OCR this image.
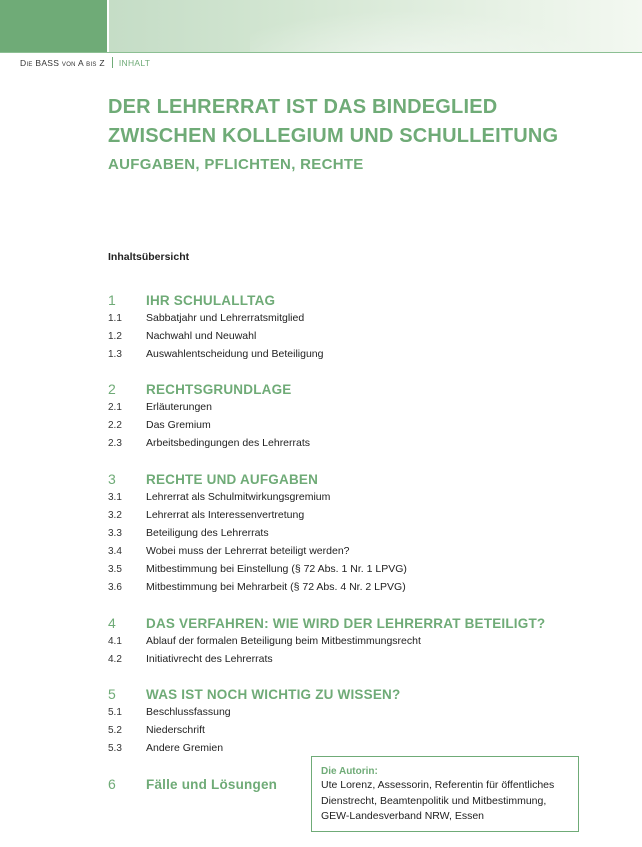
Die BASS von A bis Z INHALT
DER LEHRERRAT IST DAS BINDEGLIED
ZWISCHEN KOLLEGIUM UND SCHULLEITUNG
AUFGABEN, PFLICHTEN, RECHTE
Inhaltsübersicht
1	IHR SCHULALLTAG
1.1	Sabbatjahr und Lehrerratsmitglied
1.2	Nachwahl und Neuwahl
1.3	Auswahlentscheidung und Beteiligung
2	RECHTSGRUNDLAGE
2.1	Erläuterungen
2.2	Das Gremium
2.3	Arbeitsbedingungen des Lehrerrats
3	RECHTE UND AUFGABEN
3.1	Lehrerrat als Schulmitwirkungsgremium
3.2	Lehrerrat als Interessenvertretung
3.3	Beteiligung des Lehrerrats
3.4	Wobei muss der Lehrerrat beteiligt werden?
3.5	Mitbestimmung bei Einstellung (§ 72 Abs. 1 Nr. 1 LPVG)
3.6	Mitbestimmung bei Mehrarbeit (§ 72 Abs. 4 Nr. 2 LPVG)
4	DAS VERFAHREN: WIE WIRD DER LEHRERRAT BETEILIGT?
4.1	Ablauf der formalen Beteiligung beim Mitbestimmungsrecht
4.2	Initiativrecht des Lehrerrats
5	WAS IST NOCH WICHTIG ZU WISSEN?
5.1	Beschlussfassung
5.2	Niederschrift
5.3	Andere Gremien
6	Fälle und Lösungen
Die Autorin:
Ute Lorenz, Assessorin, Referentin für öffentliches
Dienstrecht, Beamtenpolitik und Mitbestimmung,
GEW-Landesverband NRW, Essen
